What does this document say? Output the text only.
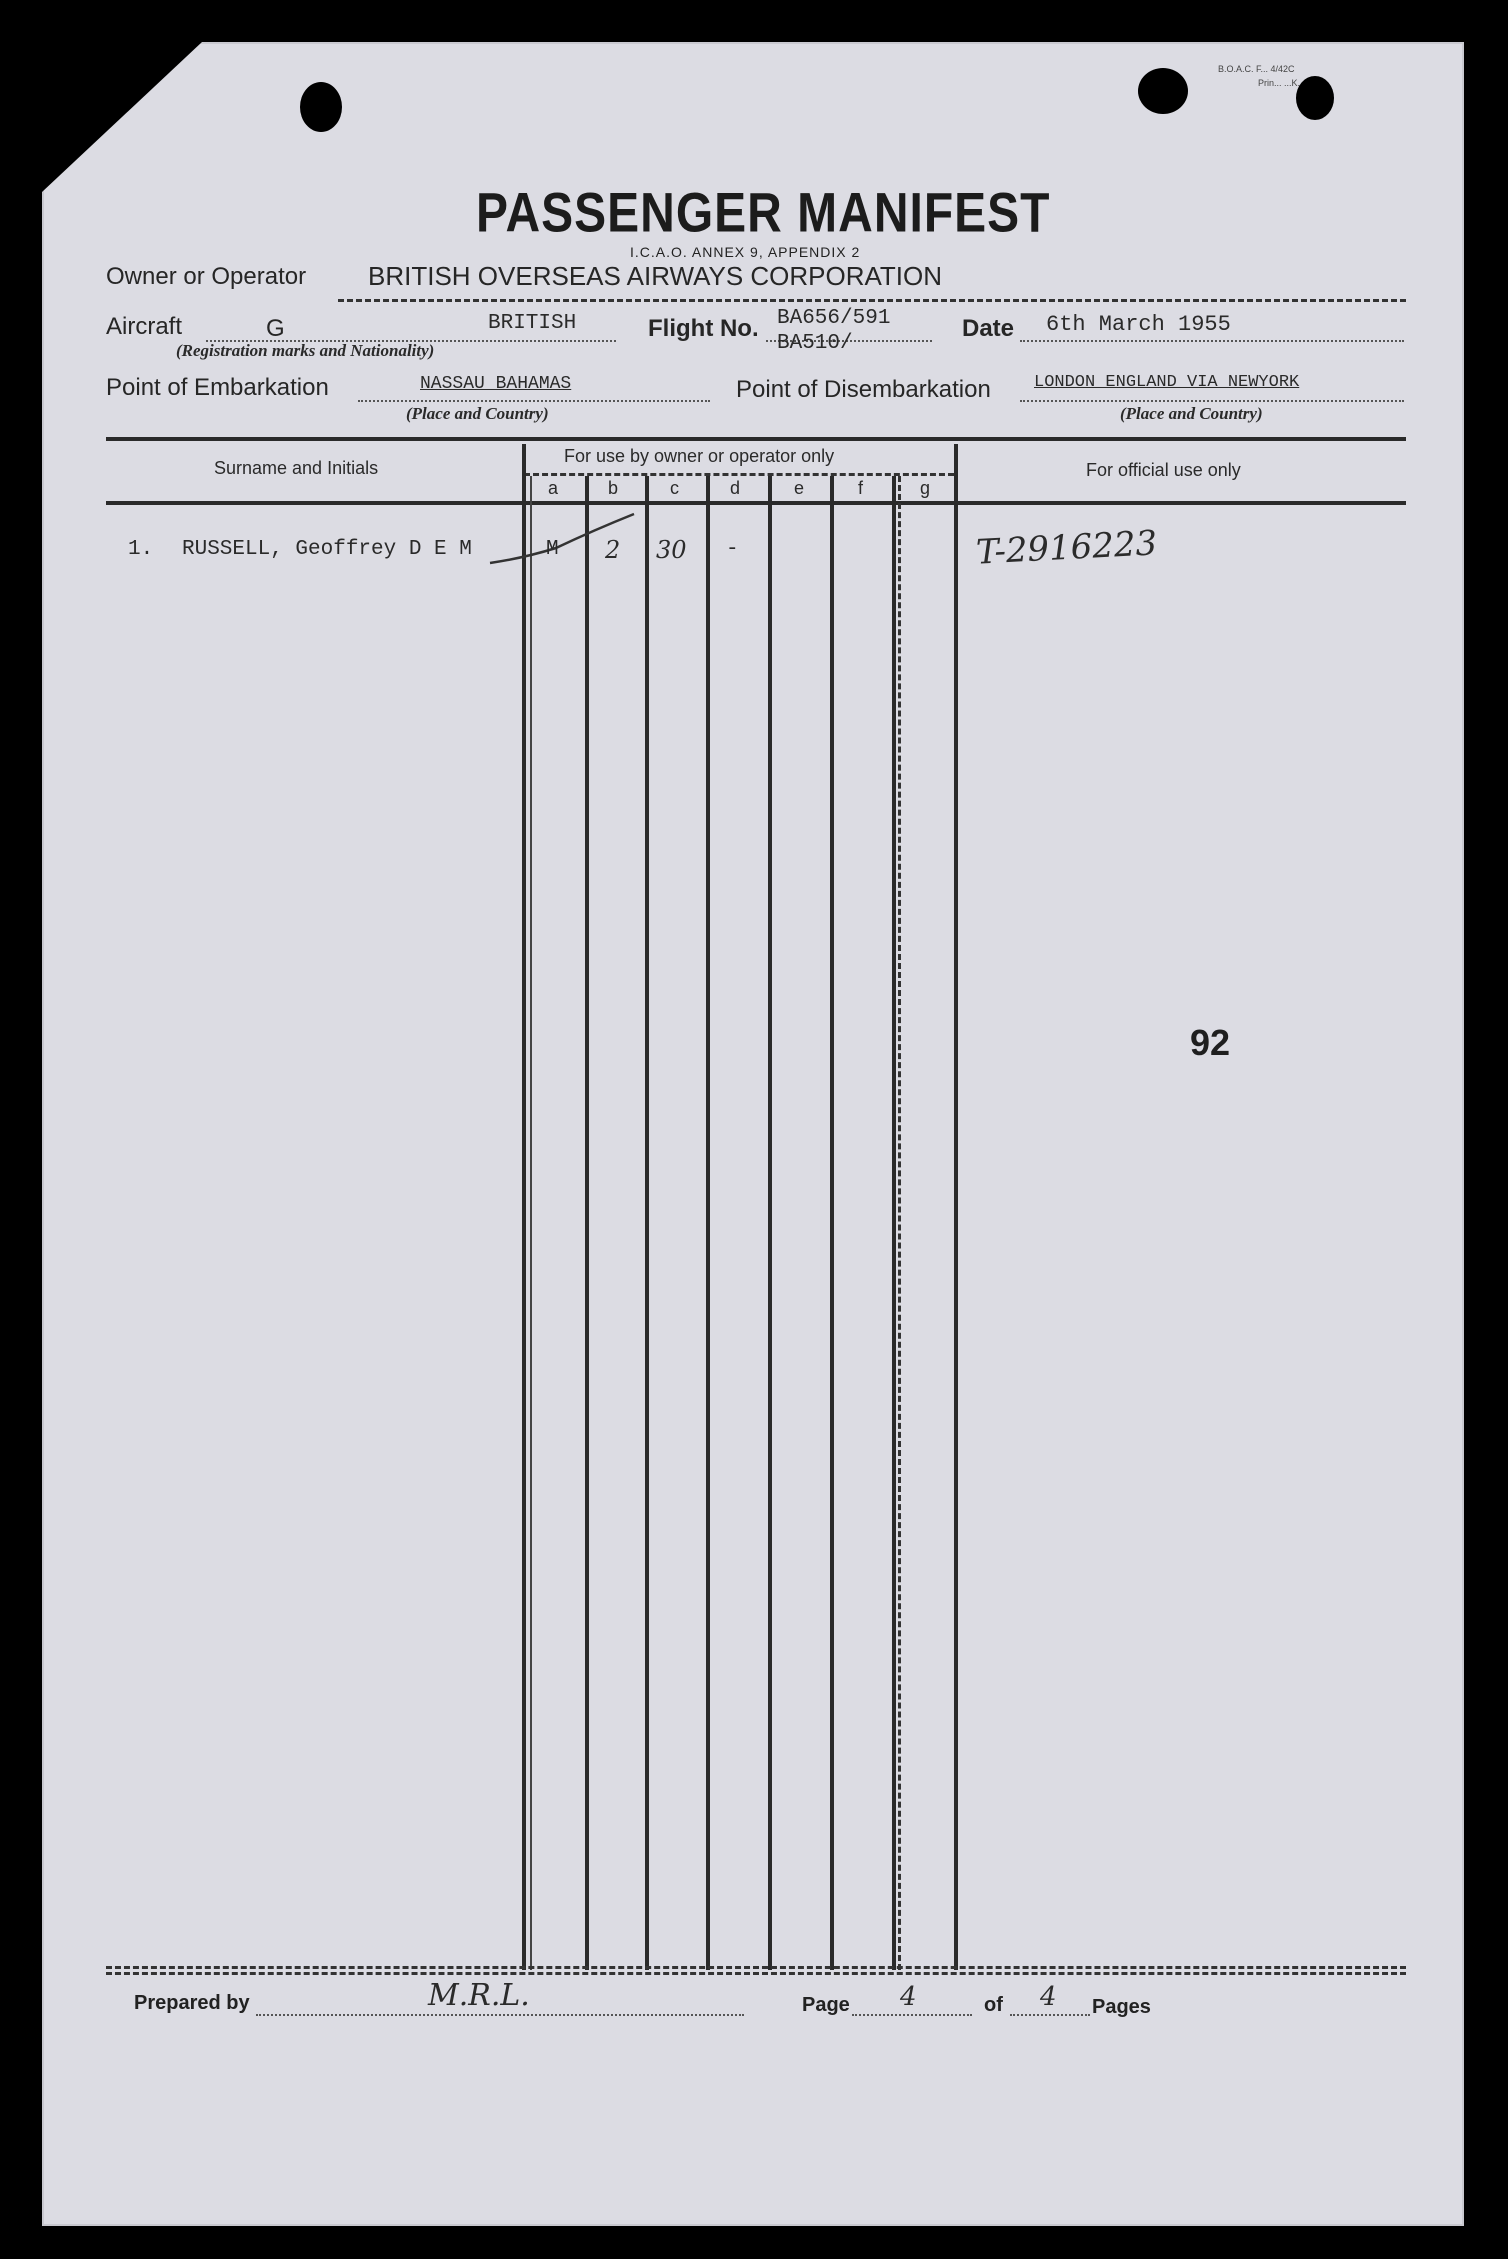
B.O.A.C. F... 4/42C
Prin... ...K.
PASSENGER MANIFEST
I.C.A.O. ANNEX 9, APPENDIX 2
Owner or Operator BRITISH OVERSEAS AIRWAYS CORPORATION
Aircraft	G	BRITISH
(Registration marks and Nationality)
Flight No. BA656/591
BA510/
Date 6th March 1955
Point of Embarkation	NASSAU BAHAMAS
(Place and Country)
Point of Disembarkation	LONDON ENGLAND VIA NEWYORK
(Place and Country)
Surname and Initials
For use by owner or operator only
For official use only
a	b	c	d	e	f	g
1. RUSSELL, Geoffrey D E M	M 2 30 -	T-2916223
92
Prepared by	M.R.L.	Page 4	of 4 Pages
